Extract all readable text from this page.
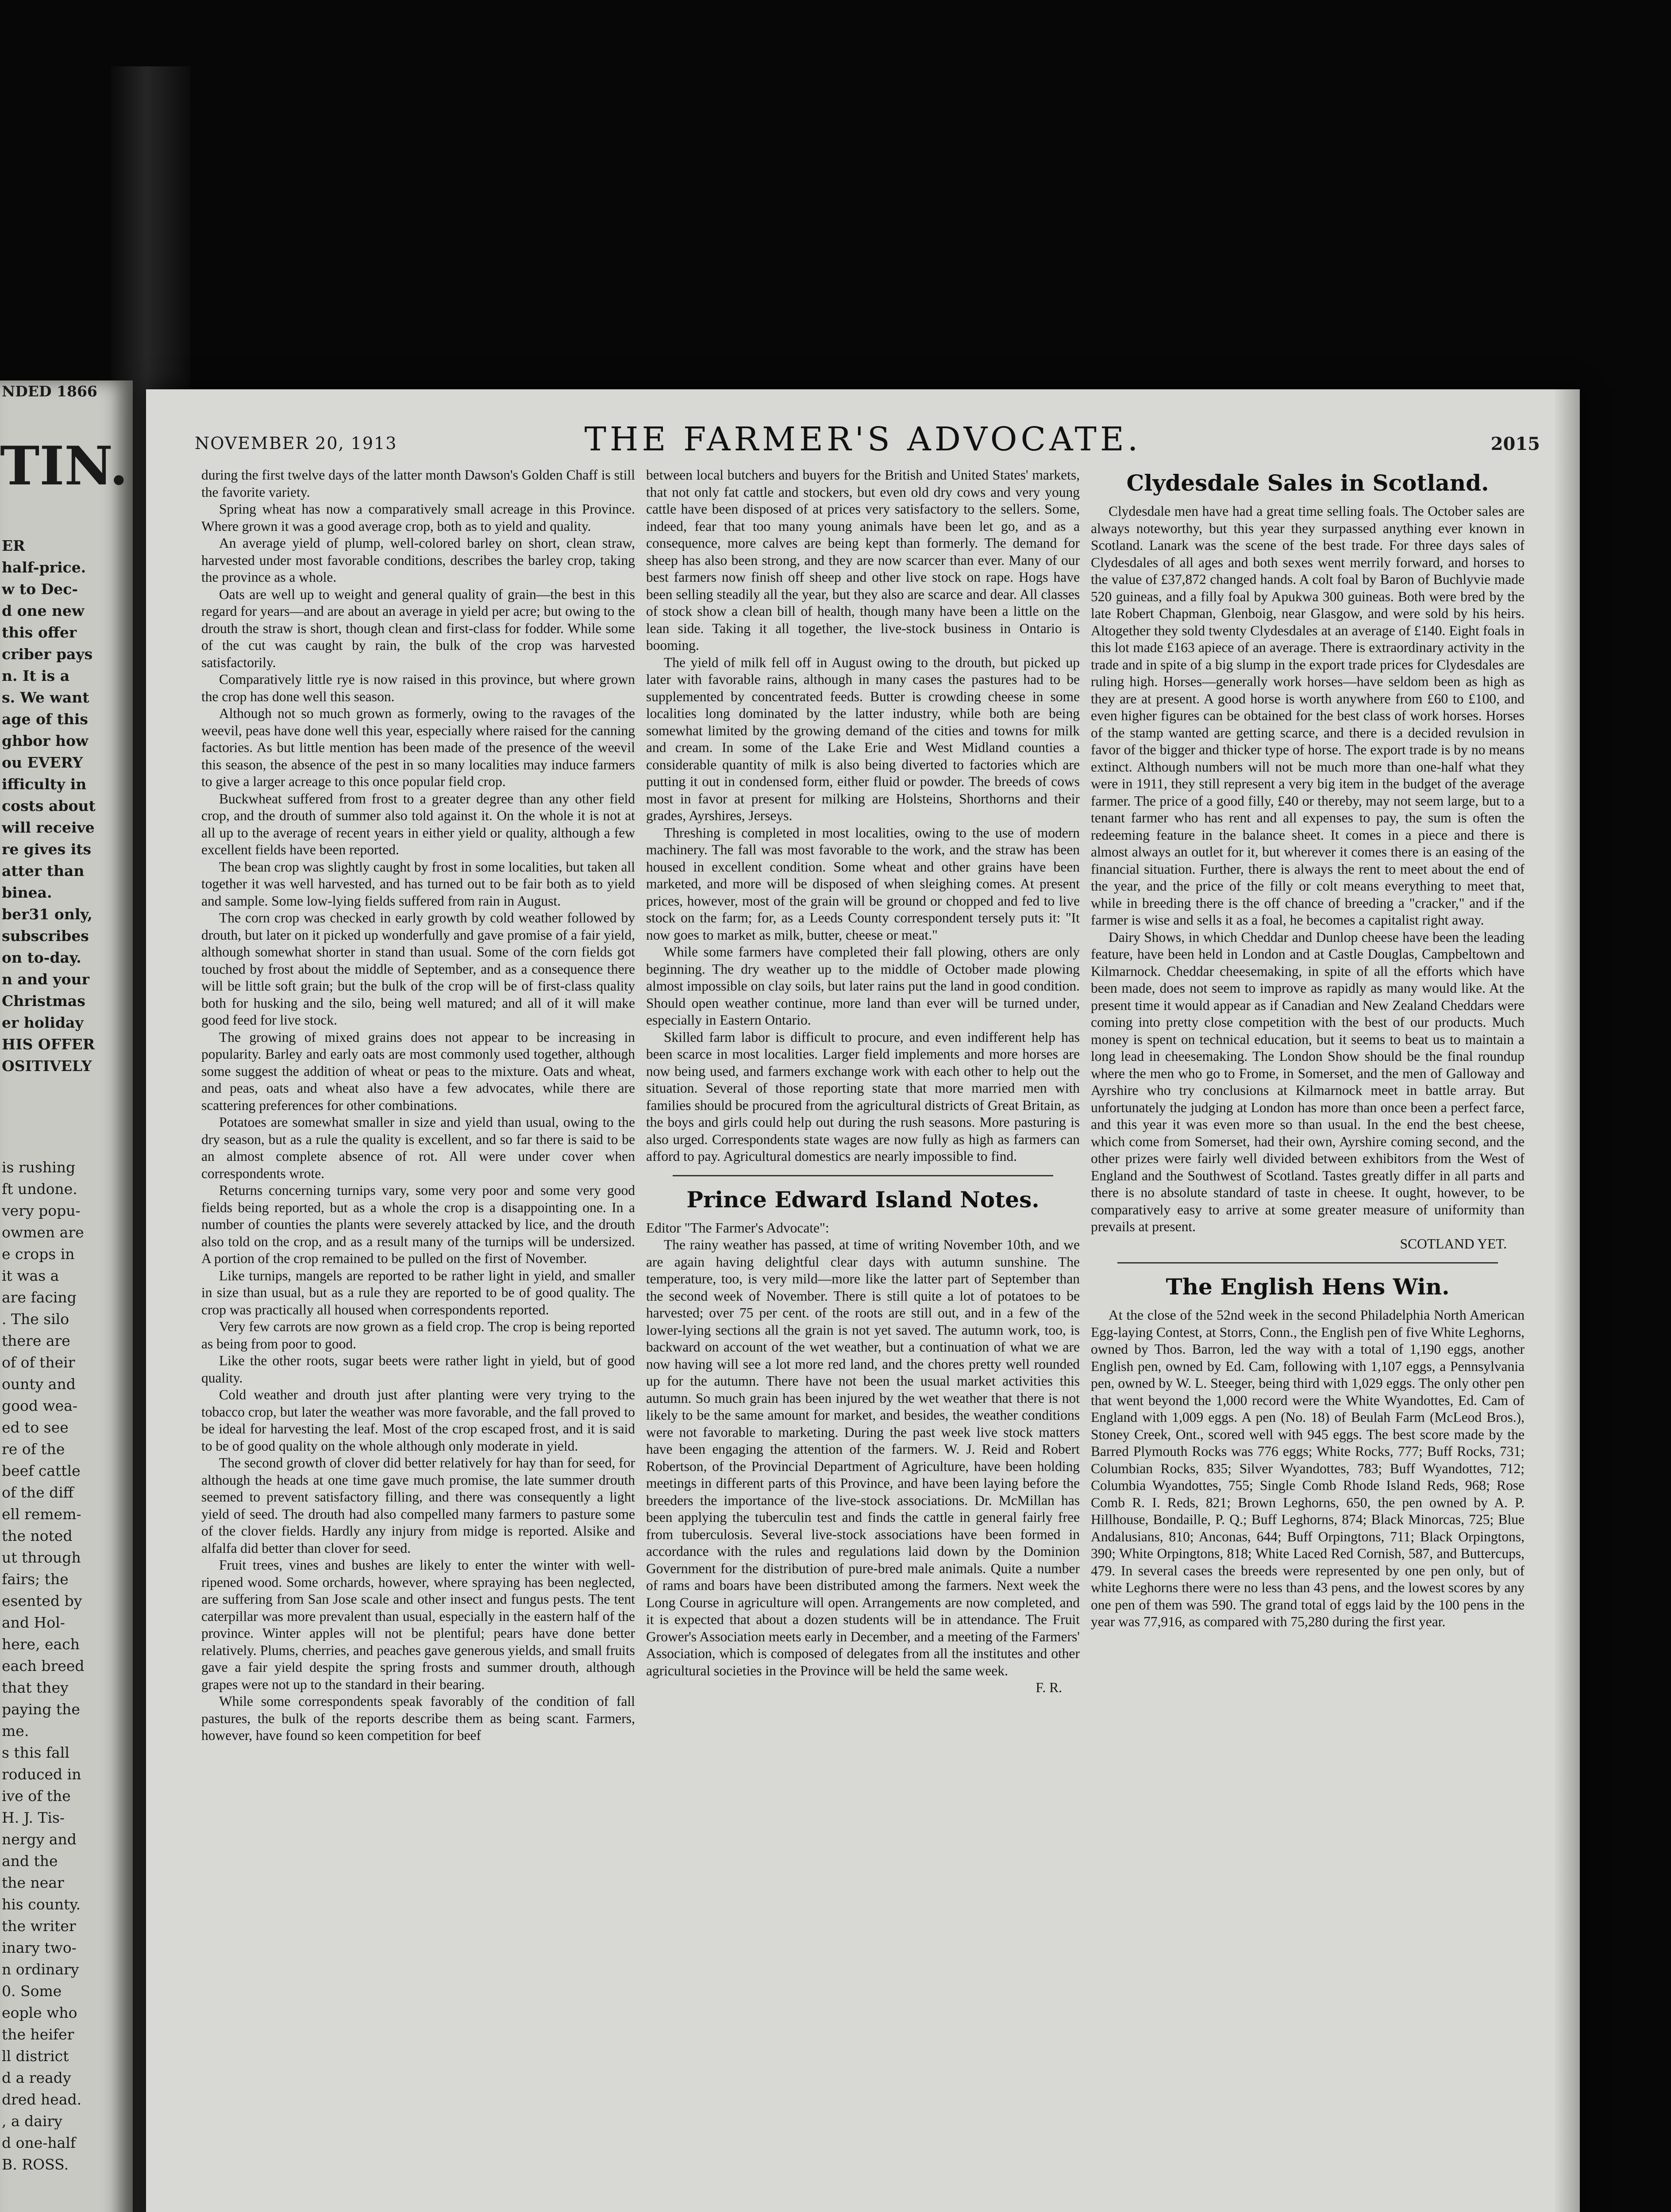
NDED 1866
TIN.
ER
half-price.
w to Dec-
d one new
this offer
criber pays
n. It is a
s. We want
age of this
ghbor how
ou EVERY
ifficulty in
costs about
will receive
re gives its
atter than
binea.
ber31 only,
subscribes
on to-day.
n and your
Christmas
er holiday
HIS OFFER
OSITIVELY
is rushing
ft undone.
very popu-
owmen are
e crops in
it was a
are facing
. The silo
there are
of of their
ounty and
good wea-
ed to see
re of the
beef cattle
of the diff
ell remem-
the noted
ut through
fairs; the
esented by
and Hol-
here, each
each breed
that they
paying the
me.
s this fall
roduced in
ive of the
H. J. Tis-
nergy and
and the
the near
his county.
the writer
inary two-
n ordinary
0. Some
eople who
the heifer
ll district
d a ready
dred head.
, a dairy
d one-half
B. ROSS.
NOVEMBER 20, 1913	THE FARMER'S ADVOCATE.	2015

during the first twelve days of the latter month Dawson's Golden Chaff is still the favorite variety.

Spring wheat has now a comparatively small acreage in this Province. Where grown it was a good average crop, both as to yield and quality.

An average yield of plump, well-colored barley on short, clean straw, harvested under most favorable conditions, describes the barley crop, taking the province as a whole.

Oats are well up to weight and general quality of grain—the best in this regard for years—and are about an average in yield per acre; but owing to the drouth the straw is short, though clean and first-class for fodder. While some of the cut was caught by rain, the bulk of the crop was harvested satisfactorily.

Comparatively little rye is now raised in this province, but where grown the crop has done well this season.

Although not so much grown as formerly, owing to the ravages of the weevil, peas have done well this year, especially where raised for the canning factories. As but little mention has been made of the presence of the weevil this season, the absence of the pest in so many localities may induce farmers to give a larger acreage to this once popular field crop.

Buckwheat suffered from frost to a greater degree than any other field crop, and the drouth of summer also told against it. On the whole it is not at all up to the average of recent years in either yield or quality, although a few excellent fields have been reported.

The bean crop was slightly caught by frost in some localities, but taken all together it was well harvested, and has turned out to be fair both as to yield and sample. Some low-lying fields suffered from rain in August.

The corn crop was checked in early growth by cold weather followed by drouth, but later on it picked up wonderfully and gave promise of a fair yield, although somewhat shorter in stand than usual. Some of the corn fields got touched by frost about the middle of September, and as a consequence there will be little soft grain; but the bulk of the crop will be of first-class quality both for husking and the silo, being well matured; and all of it will make good feed for live stock.

The growing of mixed grains does not appear to be increasing in popularity. Barley and early oats are most commonly used together, although some suggest the addition of wheat or peas to the mixture. Oats and wheat, and peas, oats and wheat also have a few advocates, while there are scattering preferences for other combinations.

Potatoes are somewhat smaller in size and yield than usual, owing to the dry season, but as a rule the quality is excellent, and so far there is said to be an almost complete absence of rot. All were under cover when correspondents wrote.

Returns concerning turnips vary, some very poor and some very good fields being reported, but as a whole the crop is a disappointing one. In a number of counties the plants were severely attacked by lice, and the drouth also told on the crop, and as a result many of the turnips will be undersized. A portion of the crop remained to be pulled on the first of November.

Like turnips, mangels are reported to be rather light in yield, and smaller in size than usual, but as a rule they are reported to be of good quality. The crop was practically all housed when correspondents reported.

Very few carrots are now grown as a field crop. The crop is being reported as being from poor to good.

Like the other roots, sugar beets were rather light in yield, but of good quality.

Cold weather and drouth just after planting were very trying to the tobacco crop, but later the weather was more favorable, and the fall proved to be ideal for harvesting the leaf. Most of the crop escaped frost, and it is said to be of good quality on the whole although only moderate in yield.

The second growth of clover did better relatively for hay than for seed, for although the heads at one time gave much promise, the late summer drouth seemed to prevent satisfactory filling, and there was consequently a light yield of seed. The drouth had also compelled many farmers to pasture some of the clover fields. Hardly any injury from midge is reported. Alsike and alfalfa did better than clover for seed.

Fruit trees, vines and bushes are likely to enter the winter with well-ripened wood. Some orchards, however, where spraying has been neglected, are suffering from San Jose scale and other insect and fungus pests. The tent caterpillar was more prevalent than usual, especially in the eastern half of the province. Winter apples will not be plentiful; pears have done better relatively. Plums, cherries, and peaches gave generous yields, and small fruits gave a fair yield despite the spring frosts and summer drouth, although grapes were not up to the standard in their bearing.

While some correspondents speak favorably of the condition of fall pastures, the bulk of the reports describe them as being scant. Farmers, however, have found so keen competition for beef

between local butchers and buyers for the British and United States' markets, that not only fat cattle and stockers, but even old dry cows and very young cattle have been disposed of at prices very satisfactory to the sellers. Some, indeed, fear that too many young animals have been let go, and as a consequence, more calves are being kept than formerly. The demand for sheep has also been strong, and they are now scarcer than ever. Many of our best farmers now finish off sheep and other live stock on rape. Hogs have been selling steadily all the year, but they also are scarce and dear. All classes of stock show a clean bill of health, though many have been a little on the lean side. Taking it all together, the live-stock business in Ontario is booming.

The yield of milk fell off in August owing to the drouth, but picked up later with favorable rains, although in many cases the pastures had to be supplemented by concentrated feeds. Butter is crowding cheese in some localities long dominated by the latter industry, while both are being somewhat limited by the growing demand of the cities and towns for milk and cream. In some of the Lake Erie and West Midland counties a considerable quantity of milk is also being diverted to factories which are putting it out in condensed form, either fluid or powder. The breeds of cows most in favor at present for milking are Holsteins, Shorthorns and their grades, Ayrshires, Jerseys.

Threshing is completed in most localities, owing to the use of modern machinery. The fall was most favorable to the work, and the straw has been housed in excellent condition. Some wheat and other grains have been marketed, and more will be disposed of when sleighing comes. At present prices, however, most of the grain will be ground or chopped and fed to live stock on the farm; for, as a Leeds County correspondent tersely puts it: "It now goes to market as milk, butter, cheese or meat."

While some farmers have completed their fall plowing, others are only beginning. The dry weather up to the middle of October made plowing almost impossible on clay soils, but later rains put the land in good condition. Should open weather continue, more land than ever will be turned under, especially in Eastern Ontario.

Skilled farm labor is difficult to procure, and even indifferent help has been scarce in most localities. Larger field implements and more horses are now being used, and farmers exchange work with each other to help out the situation. Several of those reporting state that more married men with families should be procured from the agricultural districts of Great Britain, as the boys and girls could help out during the rush seasons. More pasturing is also urged. Correspondents state wages are now fully as high as farmers can afford to pay. Agricultural domestics are nearly impossible to find.

Prince Edward Island Notes.

Editor "The Farmer's Advocate":

The rainy weather has passed, at time of writing November 10th, and we are again having delightful clear days with autumn sunshine. The temperature, too, is very mild—more like the latter part of September than the second week of November. There is still quite a lot of potatoes to be harvested; over 75 per cent. of the roots are still out, and in a few of the lower-lying sections all the grain is not yet saved. The autumn work, too, is backward on account of the wet weather, but a continuation of what we are now having will see a lot more red land, and the chores pretty well rounded up for the autumn. There have not been the usual market activities this autumn. So much grain has been injured by the wet weather that there is not likely to be the same amount for market, and besides, the weather conditions were not favorable to marketing. During the past week live stock matters have been engaging the attention of the farmers. W. J. Reid and Robert Robertson, of the Provincial Department of Agriculture, have been holding meetings in different parts of this Province, and have been laying before the breeders the importance of the live-stock associations. Dr. McMillan has been applying the tuberculin test and finds the cattle in general fairly free from tuberculosis. Several live-stock associations have been formed in accordance with the rules and regulations laid down by the Dominion Government for the distribution of pure-bred male animals. Quite a number of rams and boars have been distributed among the farmers. Next week the Long Course in agriculture will open. Arrangements are now completed, and it is expected that about a dozen students will be in attendance. The Fruit Grower's Association meets early in December, and a meeting of the Farmers' Association, which is composed of delegates from all the institutes and other agricultural societies in the Province will be held the same week.

F. R.

Clydesdale Sales in Scotland.

Clydesdale men have had a great time selling foals. The October sales are always noteworthy, but this year they surpassed anything ever known in Scotland. Lanark was the scene of the best trade. For three days sales of Clydesdales of all ages and both sexes went merrily forward, and horses to the value of £37,872 changed hands. A colt foal by Baron of Buchlyvie made 520 guineas, and a filly foal by Apukwa 300 guineas. Both were bred by the late Robert Chapman, Glenboig, near Glasgow, and were sold by his heirs. Altogether they sold twenty Clydesdales at an average of £140. Eight foals in this lot made £163 apiece of an average. There is extraordinary activity in the trade and in spite of a big slump in the export trade prices for Clydesdales are ruling high. Horses—generally work horses—have seldom been as high as they are at present. A good horse is worth anywhere from £60 to £100, and even higher figures can be obtained for the best class of work horses. Horses of the stamp wanted are getting scarce, and there is a decided revulsion in favor of the bigger and thicker type of horse. The export trade is by no means extinct. Although numbers will not be much more than one-half what they were in 1911, they still represent a very big item in the budget of the average farmer. The price of a good filly, £40 or thereby, may not seem large, but to a tenant farmer who has rent and all expenses to pay, the sum is often the redeeming feature in the balance sheet. It comes in a piece and there is almost always an outlet for it, but wherever it comes there is an easing of the financial situation. Further, there is always the rent to meet about the end of the year, and the price of the filly or colt means everything to meet that, while in breeding there is the off chance of breeding a "cracker," and if the farmer is wise and sells it as a foal, he becomes a capitalist right away.

Dairy Shows, in which Cheddar and Dunlop cheese have been the leading feature, have been held in London and at Castle Douglas, Campbeltown and Kilmarnock. Cheddar cheesemaking, in spite of all the efforts which have been made, does not seem to improve as rapidly as many would like. At the present time it would appear as if Canadian and New Zealand Cheddars were coming into pretty close competition with the best of our products. Much money is spent on technical education, but it seems to beat us to maintain a long lead in cheesemaking. The London Show should be the final roundup where the men who go to Frome, in Somerset, and the men of Galloway and Ayrshire who try conclusions at Kilmarnock meet in battle array. But unfortunately the judging at London has more than once been a perfect farce, and this year it was even more so than usual. In the end the best cheese, which come from Somerset, had their own, Ayrshire coming second, and the other prizes were fairly well divided between exhibitors from the West of England and the Southwest of Scotland. Tastes greatly differ in all parts and there is no absolute standard of taste in cheese. It ought, however, to be comparatively easy to arrive at some greater measure of uniformity than prevails at present.

SCOTLAND YET.

The English Hens Win.

At the close of the 52nd week in the second Philadelphia North American Egg-laying Contest, at Storrs, Conn., the English pen of five White Leghorns, owned by Thos. Barron, led the way with a total of 1,190 eggs, another English pen, owned by Ed. Cam, following with 1,107 eggs, a Pennsylvania pen, owned by W. L. Steeger, being third with 1,029 eggs. The only other pen that went beyond the 1,000 record were the White Wyandottes, Ed. Cam of England with 1,009 eggs. A pen (No. 18) of Beulah Farm (McLeod Bros.), Stoney Creek, Ont., scored well with 945 eggs. The best score made by the Barred Plymouth Rocks was 776 eggs; White Rocks, 777; Buff Rocks, 731; Columbian Rocks, 835; Silver Wyandottes, 783; Buff Wyandottes, 712; Columbia Wyandottes, 755; Single Comb Rhode Island Reds, 968; Rose Comb R. I. Reds, 821; Brown Leghorns, 650, the pen owned by A. P. Hillhouse, Bondaille, P. Q.; Buff Leghorns, 874; Black Minorcas, 725; Blue Andalusians, 810; Anconas, 644; Buff Orpingtons, 711; Black Orpingtons, 390; White Orpingtons, 818; White Laced Red Cornish, 587, and Buttercups, 479. In several cases the breeds were represented by one pen only, but of white Leghorns there were no less than 43 pens, and the lowest scores by any one pen of them was 590. The grand total of eggs laid by the 100 pens in the year was 77,916, as compared with 75,280 during the first year.
